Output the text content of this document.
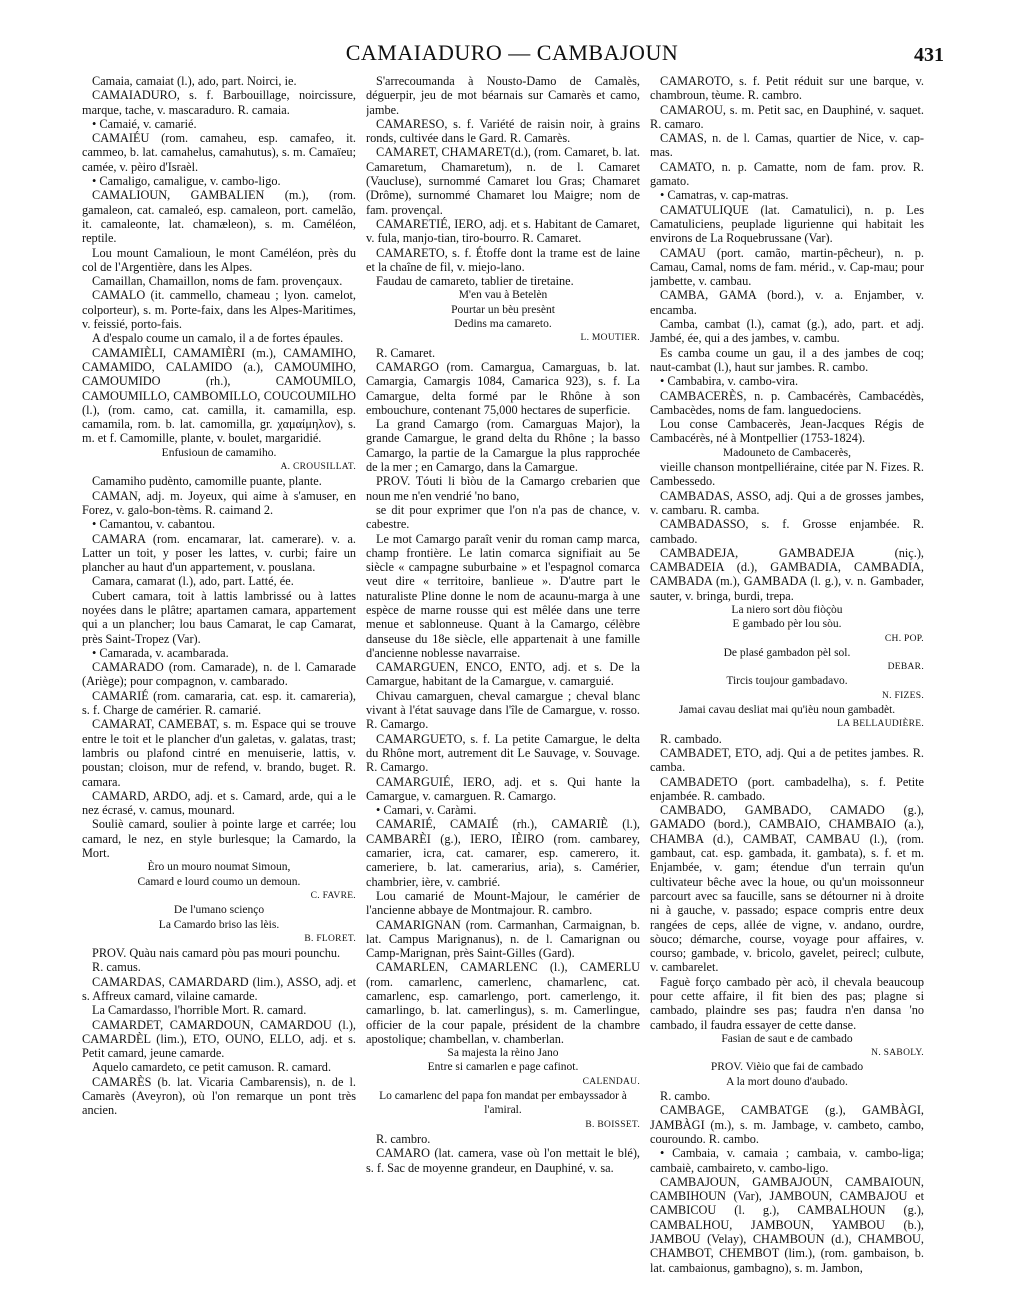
CAMAIADURO — CAMBAJOUN	431

Camaia, camaiat (l.), ado, part. Noirci, ie.

CAMAIADURO, s. f. Barbouillage, noircissure, marque, tache, v. mascaraduro. R. camaia.

• Camaié, v. camarié.

CAMAIÉU (rom. camaheu, esp. camafeo, it. cammeo, b. lat. camahelus, camahutus), s. m. Camaïeu; camée, v. pèiro d'Israèl.

• Camaligo, camaligue, v. cambo-ligo.

CAMALIOUN, GAMBALIEN (m.), (rom. gamaleon, cat. camaleó, esp. camaleon, port. camelão, it. camaleonte, lat. chamæleon), s. m. Caméléon, reptile.

Lou mount Camalioun, le mont Caméléon, près du col de l'Argentière, dans les Alpes.

Camaillan, Chamaillon, noms de fam. provençaux.

CAMALO (it. cammello, chameau ; lyon. camelot, colporteur), s. m. Porte-faix, dans les Alpes-Maritimes, v. feissié, porto-fais.

A d'espalo coume un camalo, il a de fortes épaules.

CAMAMIÈLI, CAMAMIÈRI (m.), CAMAMIHO, CAMAMIDO, CALAMIDO (a.), CAMOUMIHO, CAMOUMIDO (rh.), CAMOUMILO, CAMOUMILLO, CAMBOMILLO, COUCOUMILHO (l.), (rom. camo, cat. camilla, it. camamilla, esp. camamila, rom. b. lat. camomilla, gr. χαμαίμηλον), s. m. et f. Camomille, plante, v. boulet, margaridié.

Enfusioun de camamiho.

A. CROUSILLAT.

Camamiho pudènto, camomille puante, plante.

CAMAN, adj. m. Joyeux, qui aime à s'amuser, en Forez, v. galo-bon-tèms. R. caimand 2.

• Camantou, v. cabantou.

CAMARA (rom. encamarar, lat. camerare). v. a. Latter un toit, y poser les lattes, v. curbi; faire un plancher au haut d'un appartement, v. pouslana.

Camara, camarat (l.), ado, part. Latté, ée.

Cubert camara, toit à lattis lambrissé ou à lattes noyées dans le plâtre; apartamen camara, appartement qui a un plancher; lou baus Camarat, le cap Camarat, près Saint-Tropez (Var).

• Camarada, v. acambarada.

CAMARADO (rom. Camarade), n. de l. Camarade (Ariège); pour compagnon, v. cambarado.

CAMARIÉ (rom. camararia, cat. esp. it. camareria), s. f. Charge de camérier. R. camarié.

CAMARAT, CAMEBAT, s. m. Espace qui se trouve entre le toit et le plancher d'un galetas, v. galatas, trast; lambris ou plafond cintré en menuiserie, lattis, v. poustan; cloison, mur de refend, v. brando, buget. R. camara.

CAMARD, ARDO, adj. et s. Camard, arde, qui a le nez écrasé, v. camus, mounard.

Souliè camard, soulier à pointe large et carrée; lou camard, le nez, en style burlesque; la Camardo, la Mort.

Èro un mouro noumat Simoun,

Camard e lourd coumo un demoun.

C. FAVRE.

De l'umano scienço

La Camardo briso las lèis.

B. FLORET.

PROV. Quàu nais camard pòu pas mouri pounchu.

R. camus.

CAMARDAS, CAMARDARD (lim.), ASSO, adj. et s. Affreux camard, vilaine camarde.

La Camardasso, l'horrible Mort. R. camard.

CAMARDET, CAMARDOUN, CAMARDOU (l.), CAMARDÈL (lim.), ETO, OUNO, ELLO, adj. et s. Petit camard, jeune camarde.

Aquelo camardeto, ce petit camuson. R. camard.

CAMARÈS (b. lat. Vicaria Cambarensis), n. de l. Camarès (Aveyron), où l'on remarque un pont très ancien.

S'arrecoumanda à Nousto-Damo de Camalès, déguerpir, jeu de mot béarnais sur Camarès et camo, jambe.

CAMARESO, s. f. Variété de raisin noir, à grains ronds, cultivée dans le Gard. R. Camarès.

CAMARET, CHAMARET(d.), (rom. Camaret, b. lat. Camaretum, Chamaretum), n. de l. Camaret (Vaucluse), surnommé Camaret lou Gras; Chamaret (Drôme), surnommé Chamaret lou Maigre; nom de fam. provençal.

CAMARETIÉ, IERO, adj. et s. Habitant de Camaret, v. fula, manjo-tian, tiro-bourro. R. Camaret.

CAMARETO, s. f. Étoffe dont la trame est de laine et la chaîne de fil, v. miejo-lano.

Faudau de camareto, tablier de tiretaine.

M'en vau à Betelèn

Pourtar un bèu presènt

Dedins ma camareto.

L. MOUTIER.

R. Camaret.

CAMARGO (rom. Camargua, Camarguas, b. lat. Camargia, Camargis 1084, Camarica 923), s. f. La Camargue, delta formé par le Rhône à son embouchure, contenant 75,000 hectares de superficie.

La grand Camargo (rom. Camarguas Major), la grande Camargue, le grand delta du Rhône ; la basso Camargo, la partie de la Camargue la plus rapprochée de la mer ; en Camargo, dans la Camargue.

PROV. Tóuti li bìòu de la Camargo crebarien que noun me n'en vendrié 'no bano,

se dit pour exprimer que l'on n'a pas de chance, v. cabestre.

Le mot Camargo paraît venir du roman camp marca, champ frontière. Le latin comarca signifiait au 5e siècle « campagne suburbaine » et l'espagnol comarca veut dire « territoire, banlieue ». D'autre part le naturaliste Pline donne le nom de acaunu-marga à une espèce de marne rousse qui est mêlée dans une terre menue et sablonneuse. Quant à la Camargo, célèbre danseuse du 18e siècle, elle appartenait à une famille d'ancienne noblesse navarraise.

CAMARGUEN, ENCO, ENTO, adj. et s. De la Camargue, habitant de la Camargue, v. camarguié.

Chivau camarguen, cheval camargue ; cheval blanc vivant à l'état sauvage dans l'île de Camargue, v. rosso. R. Camargo.

CAMARGUETO, s. f. La petite Camargue, le delta du Rhône mort, autrement dit Le Sauvage, v. Souvage. R. Camargo.

CAMARGUIÉ, IERO, adj. et s. Qui hante la Camargue, v. camarguen. R. Camargo.

• Camari, v. Caràmi.

CAMARIÉ, CAMAIÉ (rh.), CAMARIÈ (l.), CAMBARÈI (g.), IERO, IÈIRO (rom. cambarey, camarier, icra, cat. camarer, esp. camerero, it. cameriere, b. lat. camerarius, aria), s. Camérier, chambrier, ière, v. cambrié.

Lou camarié de Mount-Majour, le camérier de l'ancienne abbaye de Montmajour. R. cambro.

CAMARIGNAN (rom. Carmanhan, Carmaignan, b. lat. Campus Marignanus), n. de l. Camarignan ou Camp-Marignan, près Saint-Gilles (Gard).

CAMARLEN, CAMARLENC (l.), CAMERLU (rom. camarlenc, camerlenc, chamarlenc, cat. camarlenc, esp. camarlengo, port. camerlengo, it. camarlingo, b. lat. camerlingus), s. m. Camerlingue, officier de la cour papale, président de la chambre apostolique; chambellan, v. chamberlan.

Sa majesta la rèino Jano

Entre si camarlen e page cafinot.

CALENDAU.

Lo camarlenc del papa fon mandat per embayssador à l'amiral.

B. BOISSET.

R. cambro.

CAMARO (lat. camera, vase où l'on mettait le blé), s. f. Sac de moyenne grandeur, en Dauphiné, v. sa.

CAMAROTO, s. f. Petit réduit sur une barque, v. chambroun, tèume. R. cambro.

CAMAROU, s. m. Petit sac, en Dauphiné, v. saquet. R. camaro.

CAMAS, n. de l. Camas, quartier de Nice, v. cap-mas.

CAMATO, n. p. Camatte, nom de fam. prov. R. gamato.

• Camatras, v. cap-matras.

CAMATULIQUE (lat. Camatulici), n. p. Les Camatuliciens, peuplade ligurienne qui habitait les environs de La Roquebrussane (Var).

CAMAU (port. camão, martin-pêcheur), n. p. Camau, Camal, noms de fam. mérid., v. Cap-mau; pour jambette, v. cambau.

CAMBA, GAMA (bord.), v. a. Enjamber, v. encamba.

Camba, cambat (l.), camat (g.), ado, part. et adj. Jambé, ée, qui a des jambes, v. cambu.

Es camba coume un gau, il a des jambes de coq; naut-cambat (l.), haut sur jambes. R. cambo.

• Cambabira, v. cambo-vira.

CAMBACERÈS, n. p. Cambacérès, Cambacédès, Cambacèdes, noms de fam. languedociens.

Lou conse Cambacerès, Jean-Jacques Régis de Cambacérès, né à Montpellier (1753-1824).

Madouneto de Cambacerès,

vieille chanson montpelliéraine, citée par N. Fizes. R. Cambessedo.

CAMBADAS, ASSO, adj. Qui a de grosses jambes, v. cambaru. R. camba.

CAMBADASSO, s. f. Grosse enjambée. R. cambado.

CAMBADEJA, GAMBADEJA (niç.), CAMBADEIA (d.), GAMBADIA, CAMBADIA, CAMBADA (m.), GAMBADA (l. g.), v. n. Gambader, sauter, v. bringa, burdi, trepa.

La niero sort dòu fiòçòu

E gambado pèr lou sòu.

CH. POP.

De plasé gambadon pèl sol.

DEBAR.

Tircis toujour gambadavo.

N. FIZES.

Jamai cavau desliat mai qu'ièu noun gambadèt.

LA BELLAUDIÈRE.

R. cambado.

CAMBADET, ETO, adj. Qui a de petites jambes. R. camba.

CAMBADETO (port. cambadelha), s. f. Petite enjambée. R. cambado.

CAMBADO, GAMBADO, CAMADO (g.), GAMADO (bord.), CAMBAIO, CHAMBAIO (a.), CHAMBA (d.), CAMBAT, CAMBAU (l.), (rom. gambaut, cat. esp. gambada, it. gambata), s. f. et m. Enjambée, v. gam; étendue d'un terrain qu'un cultivateur bêche avec la houe, ou qu'un moissonneur parcourt avec sa faucille, sans se détourner ni à droite ni à gauche, v. passado; espace compris entre deux rangées de ceps, allée de vigne, v. andano, ourdre, sòuco; démarche, course, voyage pour affaires, v. courso; gambade, v. bricolo, gavelet, peirecl; culbute, v. cambarelet.

Faguè forço cambado pèr acò, il chevala beaucoup pour cette affaire, il fit bien des pas; plagne si cambado, plaindre ses pas; faudra n'en dansa 'no cambado, il faudra essayer de cette danse.

Fasian de saut e de cambado

N. SABOLY.

PROV. Vièio que fai de cambado

A la mort douno d'aubado.

R. cambo.

CAMBAGE, CAMBATGE (g.), GAMBÀGI, JAMBÀGI (m.), s. m. Jambage, v. cambeto, cambo, couroundo. R. cambo.

• Cambaia, v. camaia ; cambaia, v. cambo-liga; cambaiè, cambaireto, v. cambo-ligo.

CAMBAJOUN, GAMBAJOUN, CAMBAIOUN, CAMBIHOUN (Var), JAMBOUN, CAMBAJOU et CAMBICOU (l. g.), CAMBALHOUN (g.), CAMBALHOU, JAMBOUN, YAMBOU (b.), JAMBOU (Velay), CHAMBOUN (d.), CHAMBOU, CHAMBOT, CHEMBOT (lim.), (rom. gambaison, b. lat. cambaionus, gambagno), s. m. Jambon,
